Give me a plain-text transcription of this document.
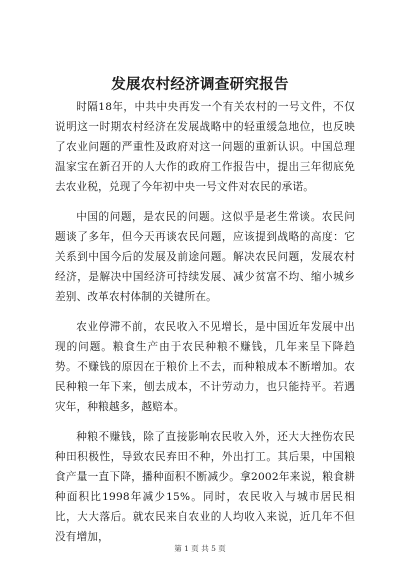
发展农村经济调查研究报告

时隔18年，中共中央再发一个有关农村的一号文件，不仅说明这一时期农村经济在发展战略中的轻重缓急地位，也反映了农业问题的严重性及政府对这一问题的重新认识。中国总理温家宝在新召开的人大作的政府工作报告中，提出三年彻底免去农业税，兑现了今年初中央一号文件对农民的承诺。

中国的问题，是农民的问题。这似乎是老生常谈。农民问题谈了多年，但今天再谈农民问题，应该提到战略的高度：它关系到中国今后的发展及前途问题。解决农民问题，发展农村经济，是解决中国经济可持续发展、减少贫富不均、缩小城乡差别、改革农村体制的关键所在。

农业停滞不前，农民收入不见增长，是中国近年发展中出现的问题。粮食生产由于农民种粮不赚钱，几年来呈下降趋势。不赚钱的原因在于粮价上不去，而种粮成本不断增加。农民种粮一年下来，刨去成本，不计劳动力，也只能持平。若遇灾年，种粮越多，越赔本。

种粮不赚钱，除了直接影响农民收入外，还大大挫伤农民种田积极性，导致农民弃田不种，外出打工。其后果，中国粮食产量一直下降，播种面积不断减少。拿2002年来说，粮食耕种面积比1998年减少15%。同时，农民收入与城市居民相比，大大落后。就农民来自农业的人均收入来说，近几年不但没有增加，

第 1 页 共 5 页
